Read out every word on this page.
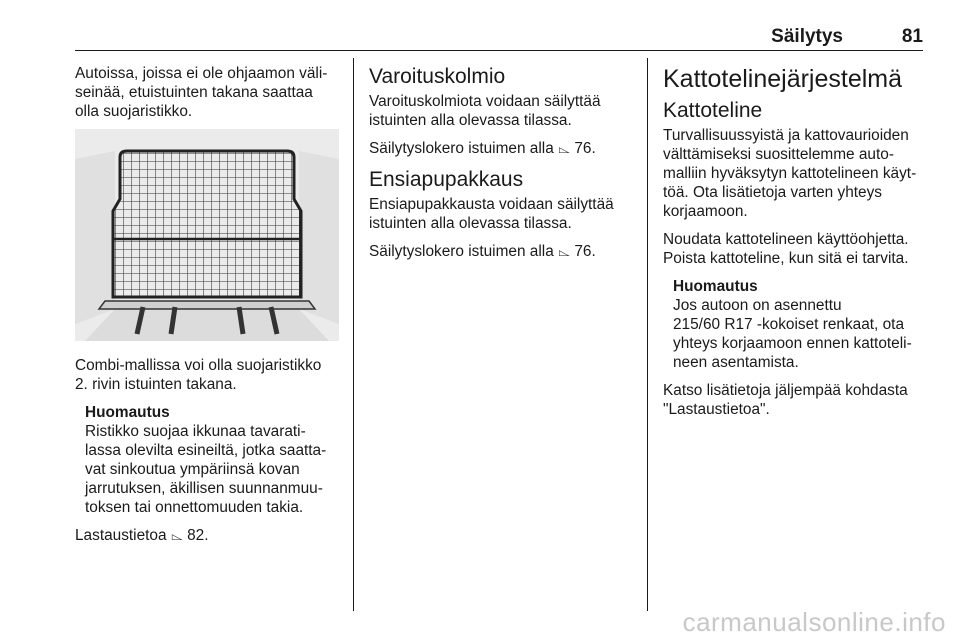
Säilytys	81

Autoissa, joissa ei ole ohjaamon väli-
seinää, etuistuinten takana saattaa
olla suojaristikko.

Combi-mallissa voi olla suojaristikko
2. rivin istuinten takana.

Huomautus
Ristikko suojaa ikkunaa tavarati-
lassa olevilta esineiltä, jotka saatta-
vat sinkoutua ympäriinsä kovan
jarrutuksen, äkillisen suunnanmuu-
toksen tai onnettomuuden takia.

Lastaustietoa ⌳ 82.

Varoituskolmio

Varoituskolmiota voidaan säilyttää
istuinten alla olevassa tilassa.

Säilytyslokero istuimen alla ⌳ 76.

Ensiapupakkaus

Ensiapupakkausta voidaan säilyttää
istuinten alla olevassa tilassa.

Säilytyslokero istuimen alla ⌳ 76.

Kattotelinejärjestelmä
Kattoteline

Turvallisuussyistä ja kattovaurioiden
välttämiseksi suosittelemme auto-
malliin hyväksytyn kattotelineen käyt-
töä. Ota lisätietoja varten yhteys
korjaamoon.

Noudata kattotelineen käyttöohjetta.
Poista kattoteline, kun sitä ei tarvita.

Huomautus
Jos autoon on asennettu
215/60 R17 -kokoiset renkaat, ota
yhteys korjaamoon ennen kattoteli-
neen asentamista.

Katso lisätietoja jäljempää kohdasta
"Lastaustietoa".

carmanualsonline.info
